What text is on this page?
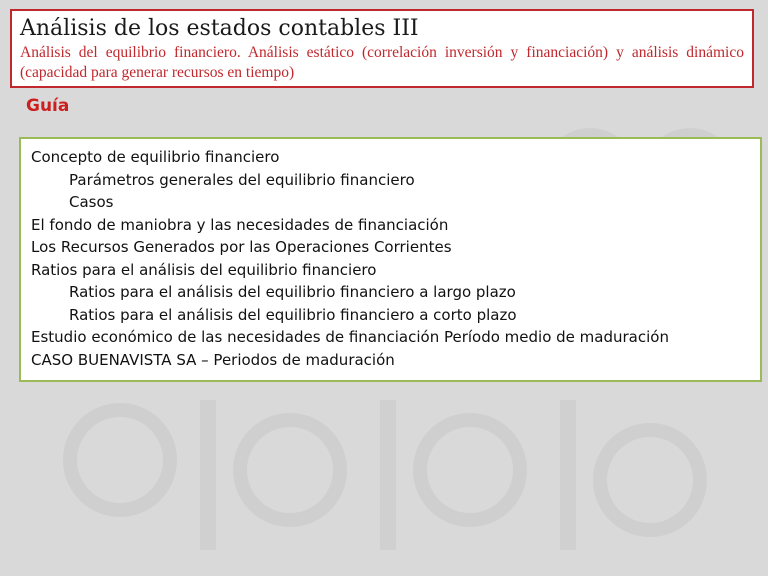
Análisis de los estados contables III
Análisis del equilibrio financiero. Análisis estático (correlación inversión y financiación) y análisis dinámico (capacidad para generar recursos en tiempo)
Guía
Concepto de equilibrio financiero
Parámetros generales del equilibrio financiero
Casos
El fondo de maniobra y las necesidades de financiación
Los Recursos Generados por las Operaciones Corrientes
Ratios para el análisis del equilibrio financiero
Ratios para el análisis del equilibrio financiero a largo plazo
Ratios para el análisis del equilibrio financiero a corto plazo
Estudio económico de las necesidades de financiación Período medio de maduración
CASO BUENAVISTA SA – Periodos de maduración
